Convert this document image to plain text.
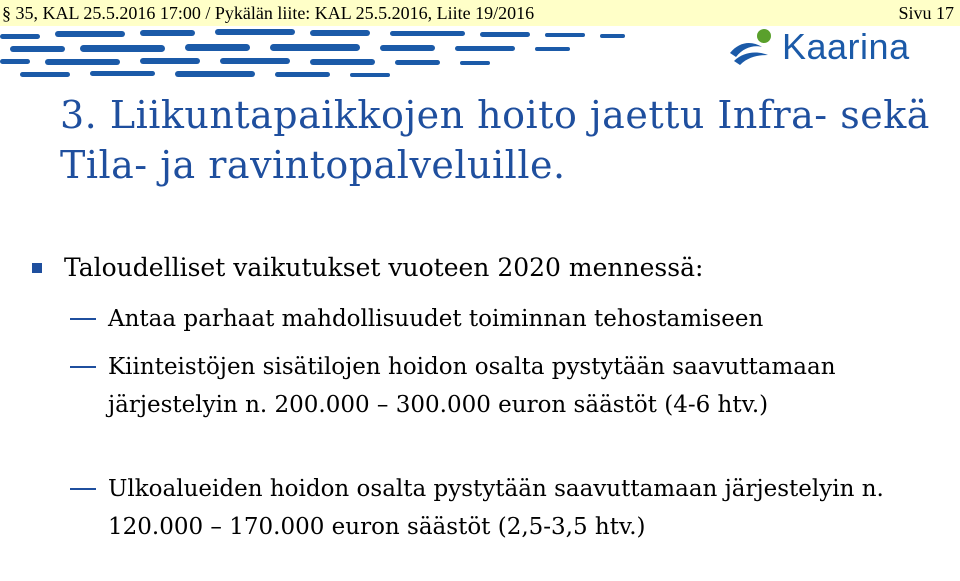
§ 35, KAL 25.5.2016 17:00 / Pykälän liite: KAL 25.5.2016, Liite 19/2016	Sivu 17
Kaarina
3. Liikuntapaikkojen hoito jaettu Infra- sekä Tila- ja ravintopalveluille.
Taloudelliset vaikutukset vuoteen 2020 mennessä:
Antaa parhaat mahdollisuudet toiminnan tehostamiseen
Kiinteistöjen sisätilojen hoidon osalta pystytään saavuttamaan järjestelyin n. 200.000 – 300.000 euron säästöt (4-6 htv.)
Ulkoalueiden hoidon osalta pystytään saavuttamaan järjestelyin n. 120.000 – 170.000 euron säästöt (2,5-3,5 htv.)
